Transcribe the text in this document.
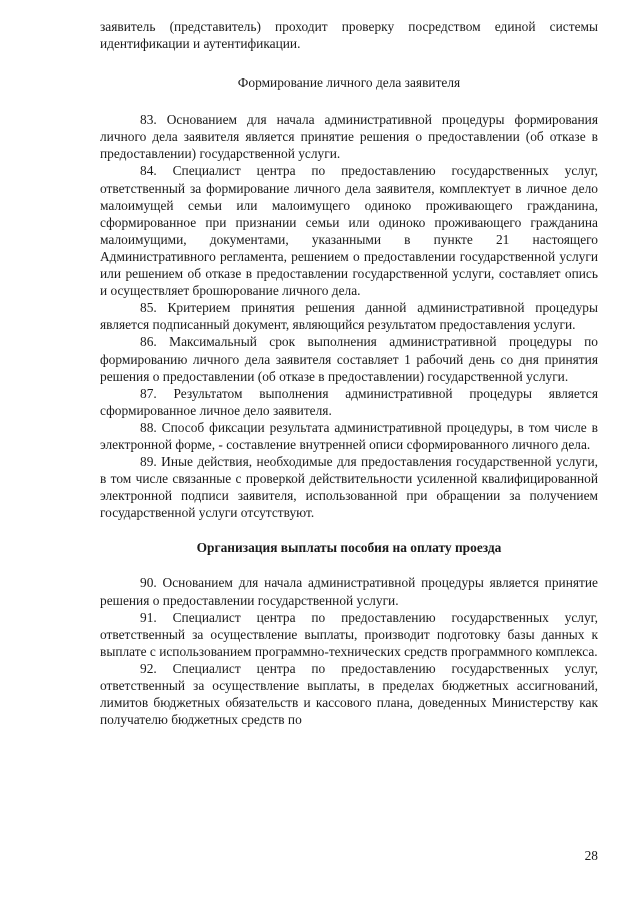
заявитель (представитель) проходит проверку посредством единой системы идентификации и аутентификации.

Формирование личного дела заявителя

83. Основанием для начала административной процедуры формирования личного дела заявителя является принятие решения о предоставлении (об отказе в предоставлении) государственной услуги.

84. Специалист центра по предоставлению государственных услуг, ответственный за формирование личного дела заявителя, комплектует в личное дело малоимущей семьи или малоимущего одиноко проживающего гражданина, сформированное при признании семьи или одиноко проживающего гражданина малоимущими, документами, указанными в пункте 21 настоящего Административного регламента, решением о предоставлении государственной услуги или решением об отказе в предоставлении государственной услуги, составляет опись и осуществляет брошюрование личного дела.

85. Критерием принятия решения данной административной процедуры является подписанный документ, являющийся результатом предоставления услуги.

86. Максимальный срок выполнения административной процедуры по формированию личного дела заявителя составляет 1 рабочий день со дня принятия решения о предоставлении (об отказе в предоставлении) государственной услуги.

87. Результатом выполнения административной процедуры является сформированное личное дело заявителя.

88. Способ фиксации результата административной процедуры, в том числе в электронной форме, - составление внутренней описи сформированного личного дела.

89. Иные действия, необходимые для предоставления государственной услуги, в том числе связанные с проверкой действительности усиленной квалифицированной электронной подписи заявителя, использованной при обращении за получением государственной услуги отсутствуют.

Организация выплаты пособия на оплату проезда

90. Основанием для начала административной процедуры является принятие решения о предоставлении государственной услуги.

91. Специалист центра по предоставлению государственных услуг, ответственный за осуществление выплаты, производит подготовку базы данных к выплате с использованием программно-технических средств программного комплекса.

92. Специалист центра по предоставлению государственных услуг, ответственный за осуществление выплаты, в пределах бюджетных ассигнований, лимитов бюджетных обязательств и кассового плана, доведенных Министерству как получателю бюджетных средств по

28
